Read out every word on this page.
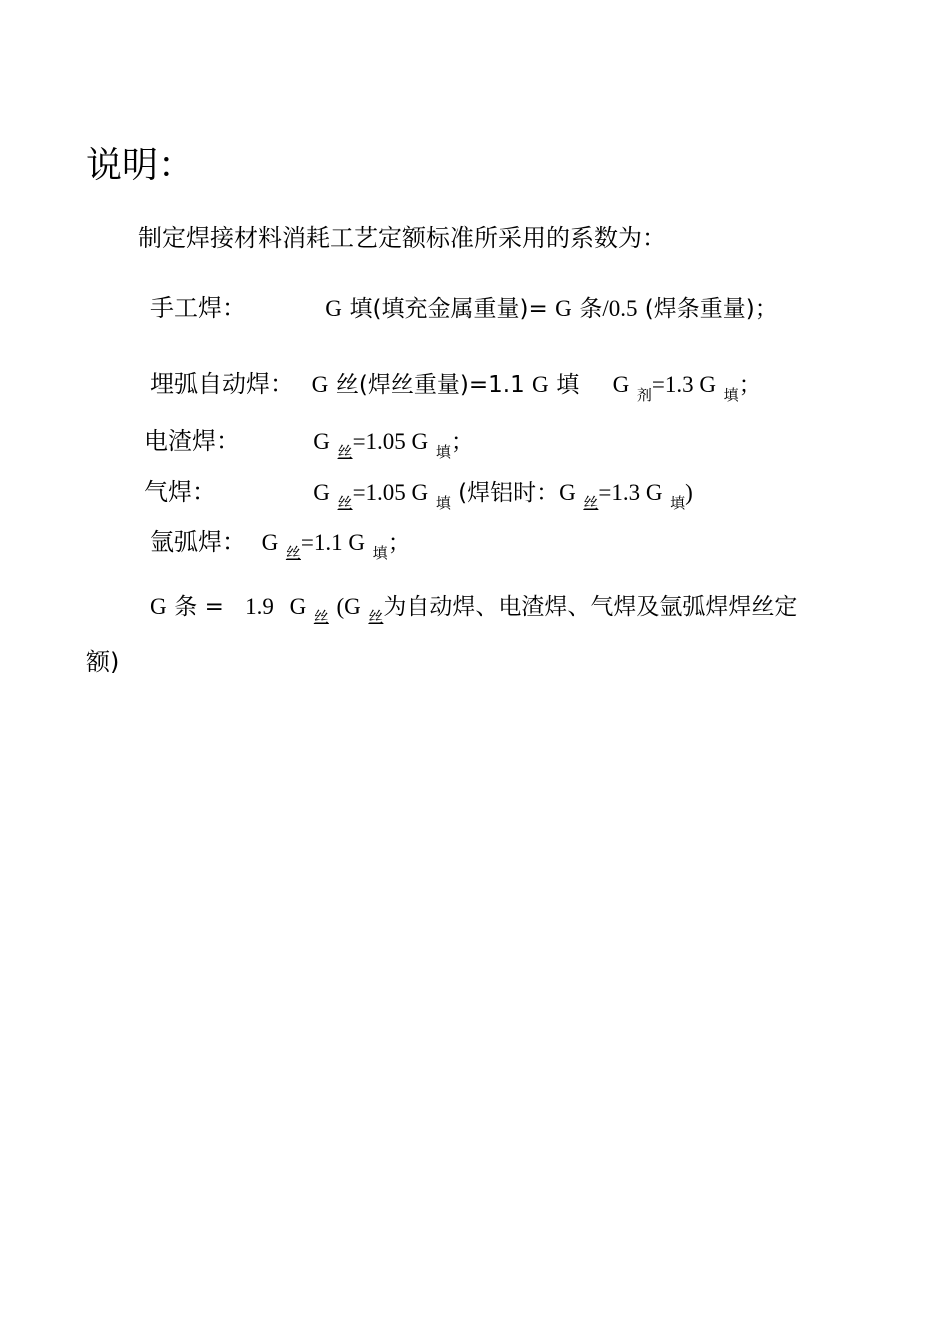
说明：
制定焊接材料消耗工艺定额标准所采用的系数为：
手工焊：	G 填(填充金属重量)= G 条/0.5 (焊条重量)；
埋弧自动焊： G 丝(焊丝重量)=1.1 G 填 G $_剂$=1.3 G $_填$；
电渣焊：	G $_丝$=1.05 G $_填$；
气焊：	G $_丝$=1.05 G $_填$ (焊铝时：G $_丝$=1.3 G $_填$)
氩弧焊： G $_丝$=1.1 G $_填$；
G 条 = 1.9 G $_丝$ (G $_丝$为自动焊、电渣焊、气焊及氩弧焊焊丝定
额)
